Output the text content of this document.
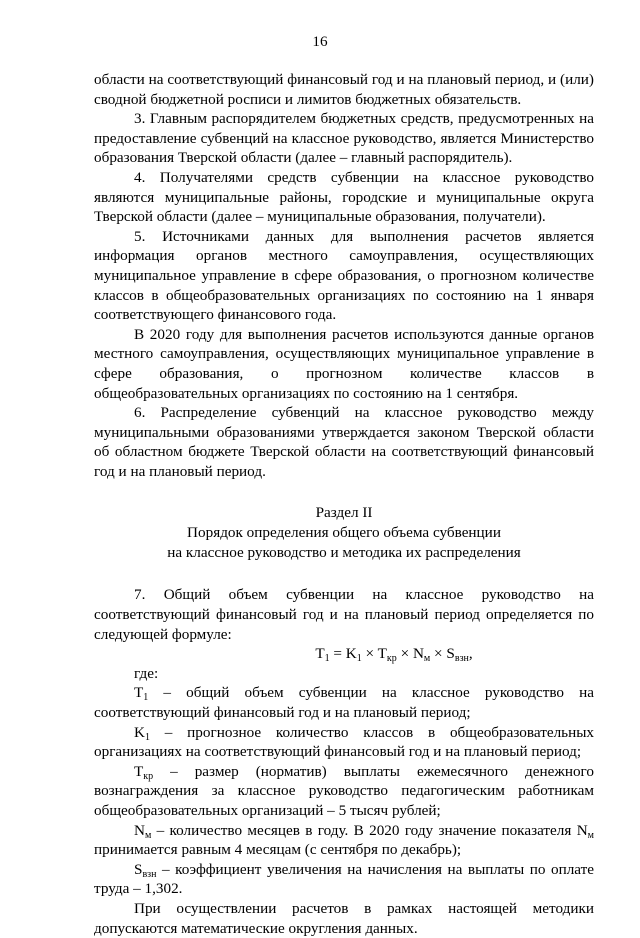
16

области на соответствующий финансовый год и на плановый период, и (или) сводной бюджетной росписи и лимитов бюджетных обязательств.

3. Главным распорядителем бюджетных средств, предусмотренных на предоставление субвенций на классное руководство, является Министерство образования Тверской области (далее – главный распорядитель).

4. Получателями средств субвенции на классное руководство являются муниципальные районы, городские и муниципальные округа Тверской области (далее – муниципальные образования, получатели).

5. Источниками данных для выполнения расчетов является информация органов местного самоуправления, осуществляющих муниципальное управление в сфере образования, о прогнозном количестве классов в общеобразовательных организациях по состоянию на 1 января соответствующего финансового года.

В 2020 году для выполнения расчетов используются данные органов местного самоуправления, осуществляющих муниципальное управление в сфере образования, о прогнозном количестве классов в общеобразовательных организациях по состоянию на 1 сентября.

6. Распределение субвенций на классное руководство между муниципальными образованиями утверждается законом Тверской области об областном бюджете Тверской области на соответствующий финансовый год и на плановый период.

Раздел II
Порядок определения общего объема субвенции
на классное руководство и методика их распределения

7. Общий объем субвенции на классное руководство на соответствующий финансовый год и на плановый период определяется по следующей формуле:

$T_1 = K_1 \times T_{кр} \times N_м \times S_{взн}$,

где:

$T_1$ – общий объем субвенции на классное руководство на соответствующий финансовый год и на плановый период;

$K_1$ – прогнозное количество классов в общеобразовательных организациях на соответствующий финансовый год и на плановый период;

$T_{кр}$ – размер (норматив) выплаты ежемесячного денежного вознаграждения за классное руководство педагогическим работникам общеобразовательных организаций – 5 тысяч рублей;

$N_м$ – количество месяцев в году. В 2020 году значение показателя $N_м$ принимается равным 4 месяцам (с сентября по декабрь);

$S_{взн}$ – коэффициент увеличения на начисления на выплаты по оплате труда – 1,302.

При осуществлении расчетов в рамках настоящей методики допускаются математические округления данных.
